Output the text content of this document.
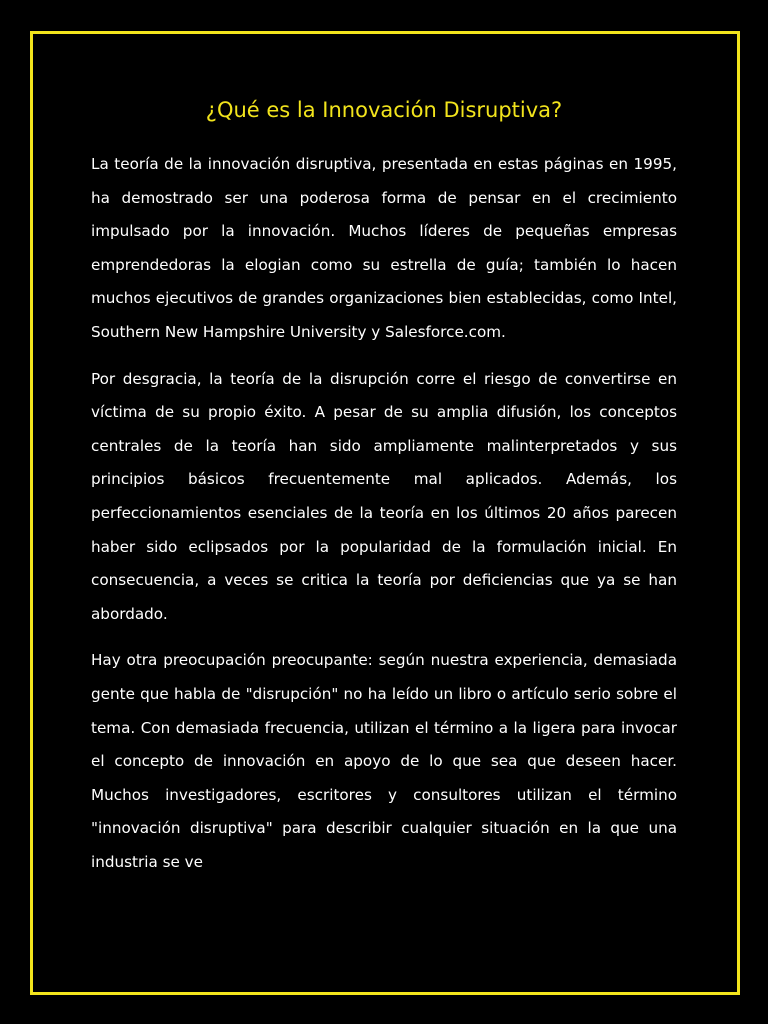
¿Qué es la Innovación Disruptiva?

La teoría de la innovación disruptiva, presentada en estas páginas en 1995, ha demostrado ser una poderosa forma de pensar en el crecimiento impulsado por la innovación. Muchos líderes de pequeñas empresas emprendedoras la elogian como su estrella de guía; también lo hacen muchos ejecutivos de grandes organizaciones bien establecidas, como Intel, Southern New Hampshire University y Salesforce.com.

Por desgracia, la teoría de la disrupción corre el riesgo de convertirse en víctima de su propio éxito. A pesar de su amplia difusión, los conceptos centrales de la teoría han sido ampliamente malinterpretados y sus principios básicos frecuentemente mal aplicados. Además, los perfeccionamientos esenciales de la teoría en los últimos 20 años parecen haber sido eclipsados por la popularidad de la formulación inicial. En consecuencia, a veces se critica la teoría por deficiencias que ya se han abordado.

Hay otra preocupación preocupante: según nuestra experiencia, demasiada gente que habla de "disrupción" no ha leído un libro o artículo serio sobre el tema. Con demasiada frecuencia, utilizan el término a la ligera para invocar el concepto de innovación en apoyo de lo que sea que deseen hacer. Muchos investigadores, escritores y consultores utilizan el término "innovación disruptiva" para describir cualquier situación en la que una industria se ve
